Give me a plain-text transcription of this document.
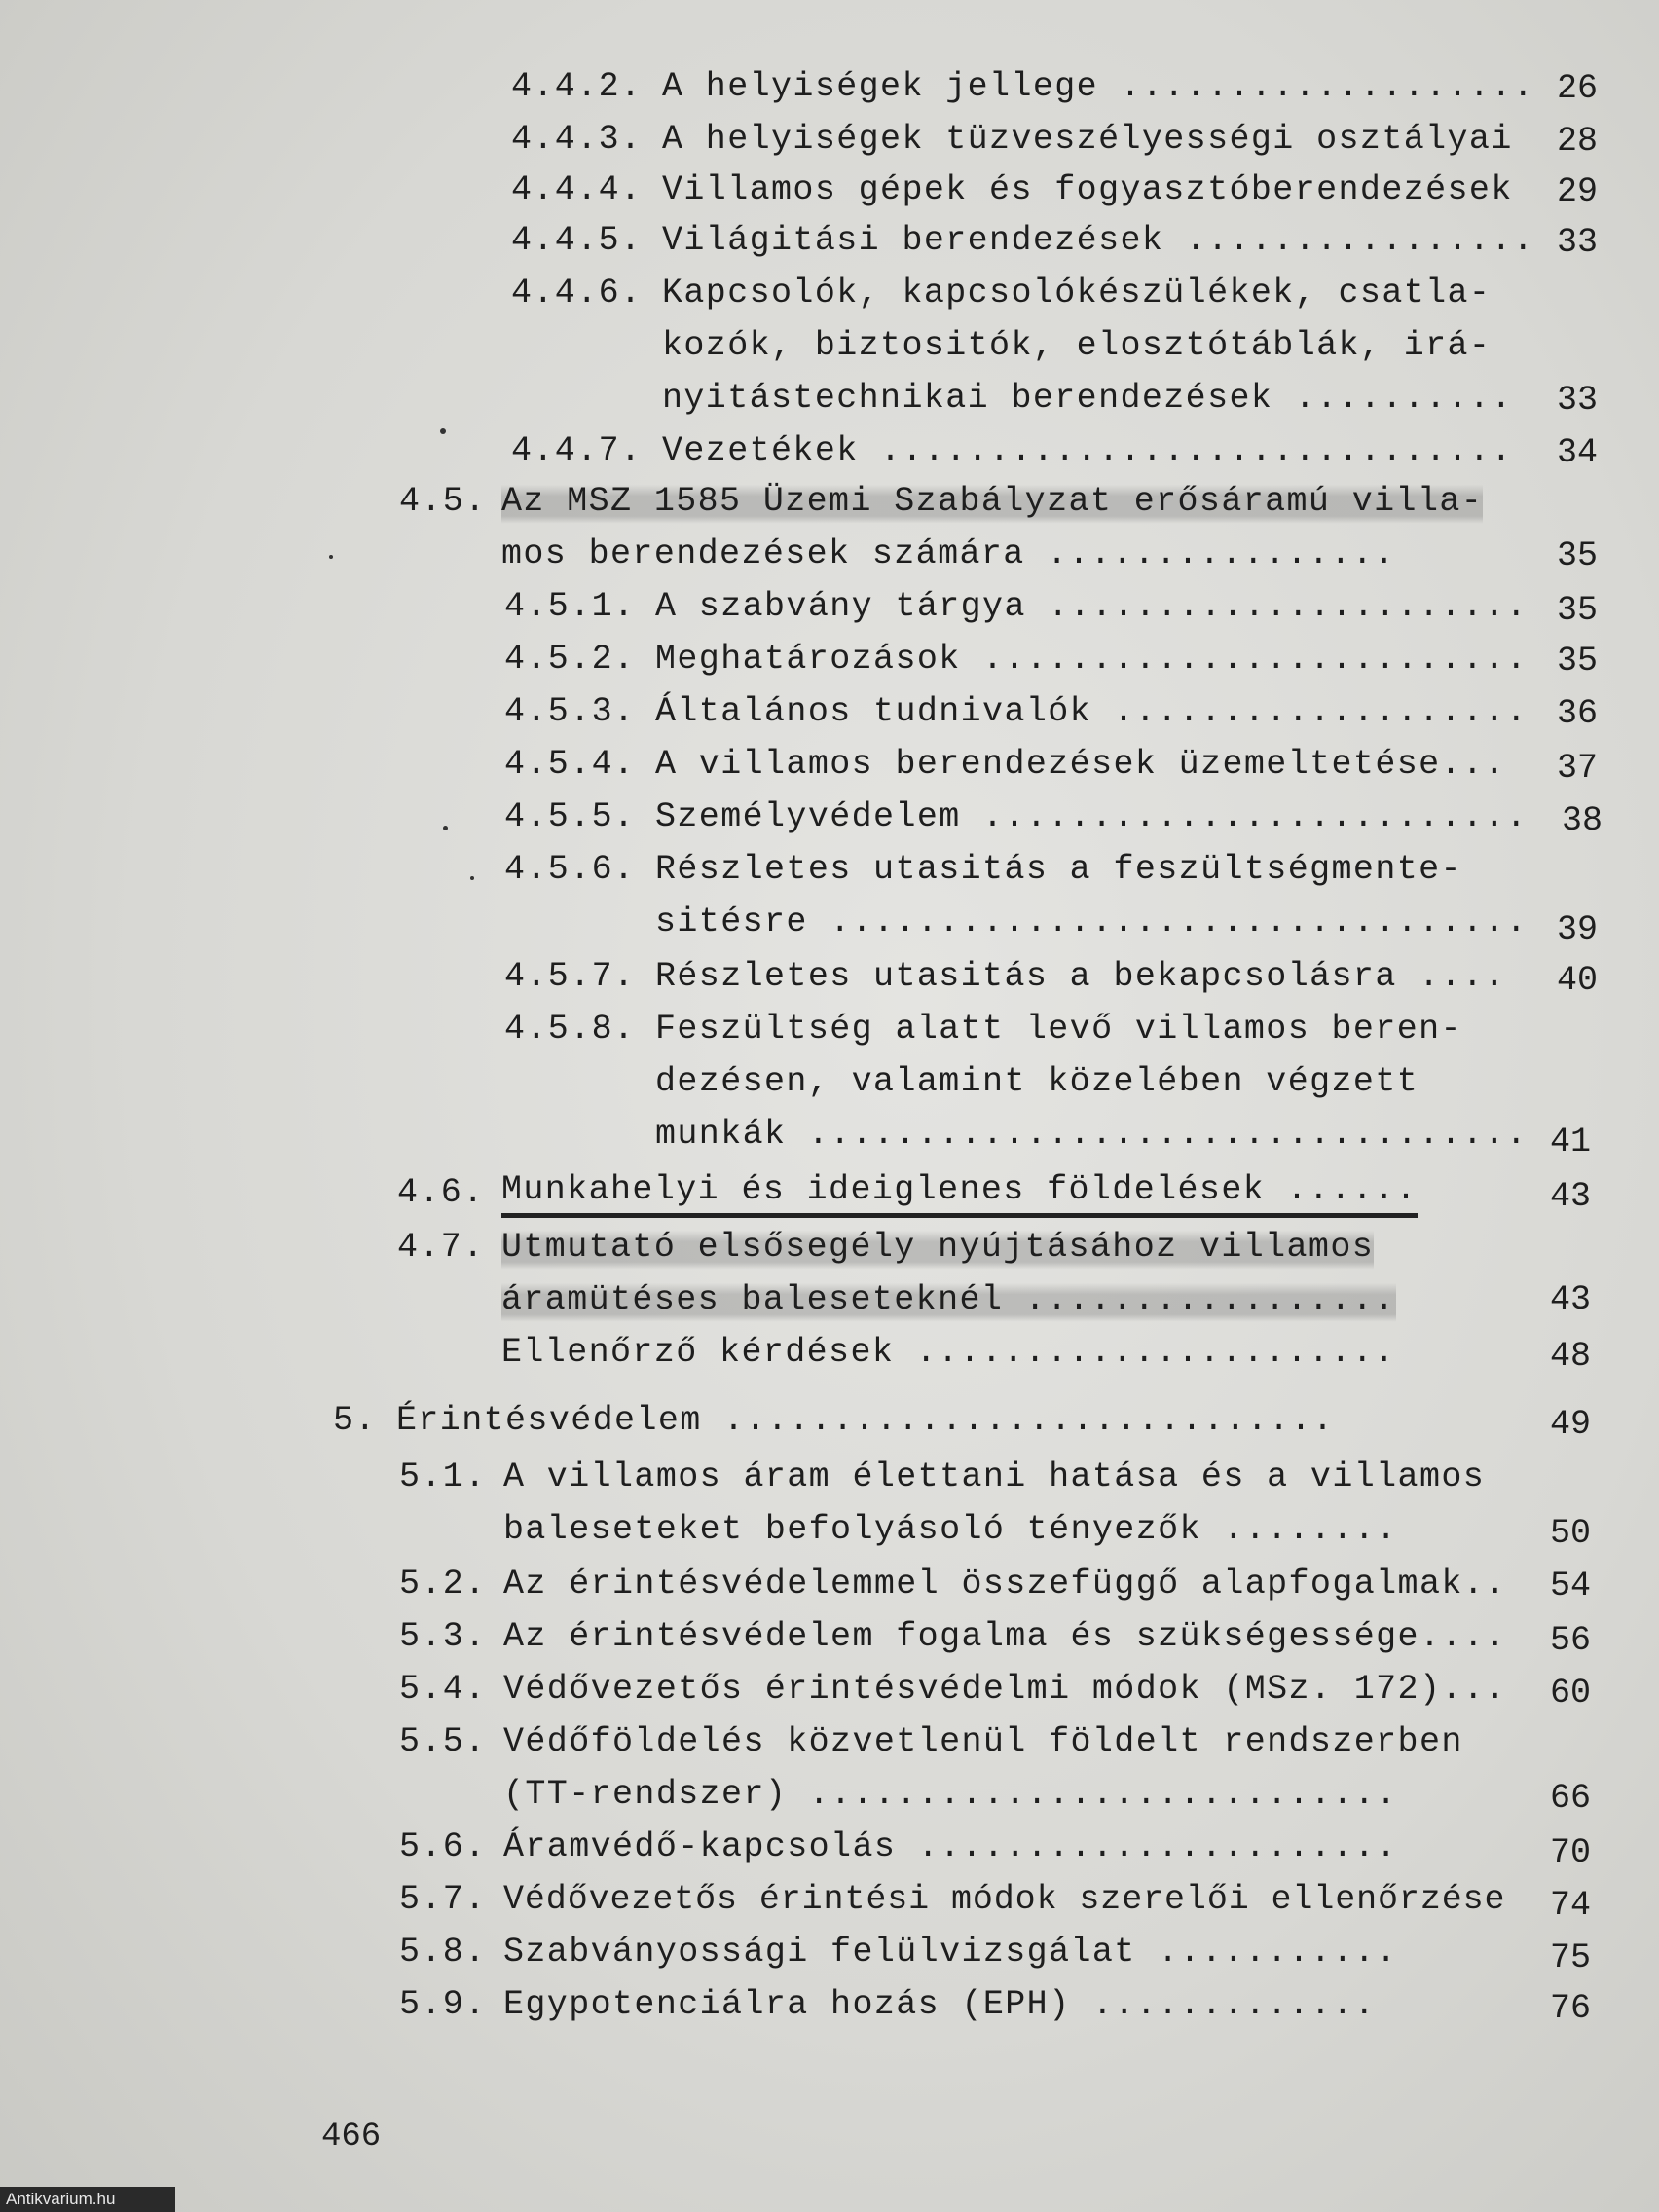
4.4.2. A helyiségek jellege ................... 26
4.4.3. A helyiségek tüzveszélyességi osztályai	28
4.4.4. Villamos gépek és fogyasztóberendezések	29
4.4.5. Világitási berendezések ................ 33
4.4.6. Kapcsolók, kapcsolókészülékek, csatla-
kozók, biztositók, elosztótáblák, irá-
nyitástechnikai berendezések ..........	33
4.4.7. Vezetékek .............................	34
4.5. Az MSZ 1585 Üzemi Szabályzat erősáramú villa-
mos berendezések számára ................	35
4.5.1. A szabvány tárgya ...................... 35
4.5.2. Meghatározások ......................... 35
4.5.3. Általános tudnivalók ................... 36
4.5.4. A villamos berendezések üzemeltetése...	37
4.5.5. Személyvédelem ......................... 38
4.5.6. Részletes utasitás a feszültségmente-
sitésre ................................ 39
4.5.7. Részletes utasitás a bekapcsolásra ....	40
4.5.8. Feszültség alatt levő villamos beren-
dezésen, valamint közelében végzett
munkák ................................. 41
4.6. Munkahelyi és ideiglenes földelések ......	43
4.7. Utmutató elsősegély nyújtásához villamos
áramütéses baleseteknél .................	43
Ellenőrző kérdések ......................	48
5. Érintésvédelem ............................	49
5.1. A villamos áram élettani hatása és a villamos
baleseteket befolyásoló tényezők ........	50
5.2. Az érintésvédelemmel összefüggő alapfogalmak..	54
5.3. Az érintésvédelem fogalma és szükségessége....	56
5.4. Védővezetős érintésvédelmi módok (MSz. 172)...	60
5.5. Védőföldelés közvetlenül földelt rendszerben
(TT-rendszer) ...........................	66
5.6. Áramvédő-kapcsolás ......................	70
5.7. Védővezetős érintési módok szerelői ellenőrzése	74
5.8. Szabványossági felülvizsgálat ...........	75
5.9. Egypotenciálra hozás (EPH) .............	76
466
Antikvarium.hu
